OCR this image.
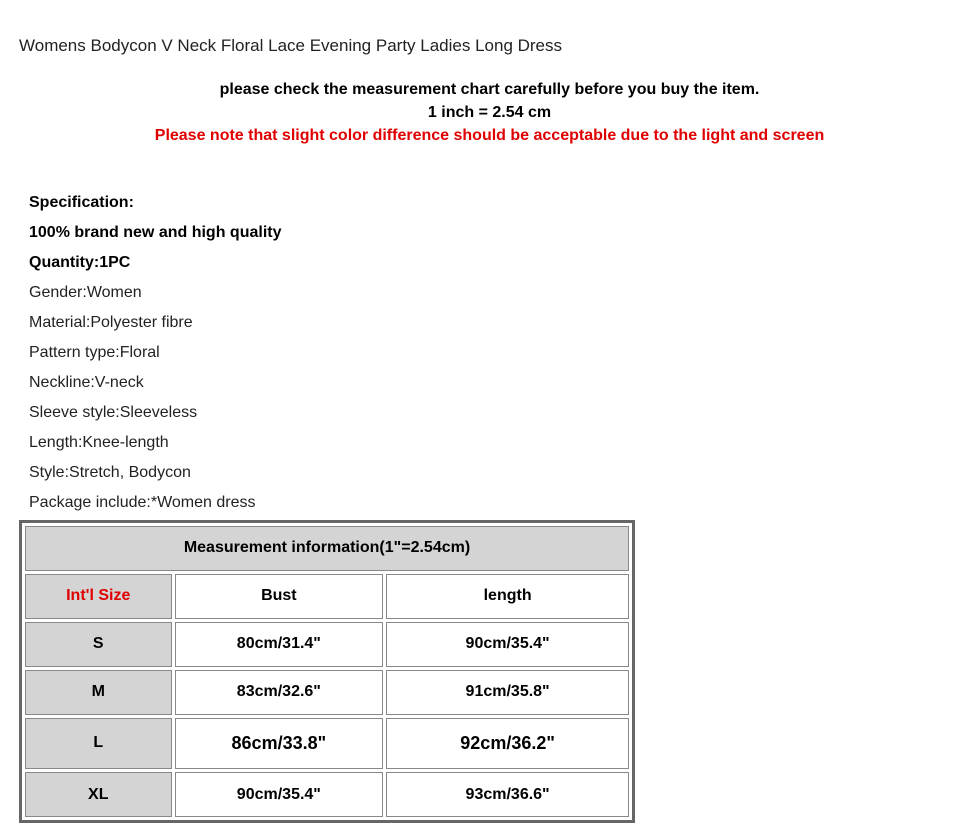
Womens Bodycon V Neck Floral Lace Evening Party Ladies Long Dress
please check the measurement chart carefully before you buy the item.
1 inch = 2.54 cm
Please note that slight color difference should be acceptable due to the light and screen
Specification:
100% brand new and high quality
Quantity:1PC
Gender:Women
Material:Polyester fibre
Pattern type:Floral
Neckline:V-neck
Sleeve style:Sleeveless
Length:Knee-length
Style:Stretch, Bodycon
Package include:*Women dress
Measurement information(1"=2.54cm)		
Int'l Size	Bust	length
S	80cm/31.4"	90cm/35.4"
M	83cm/32.6"	91cm/35.8"
L	86cm/33.8"	92cm/36.2"
XL	90cm/35.4"	93cm/36.6"
